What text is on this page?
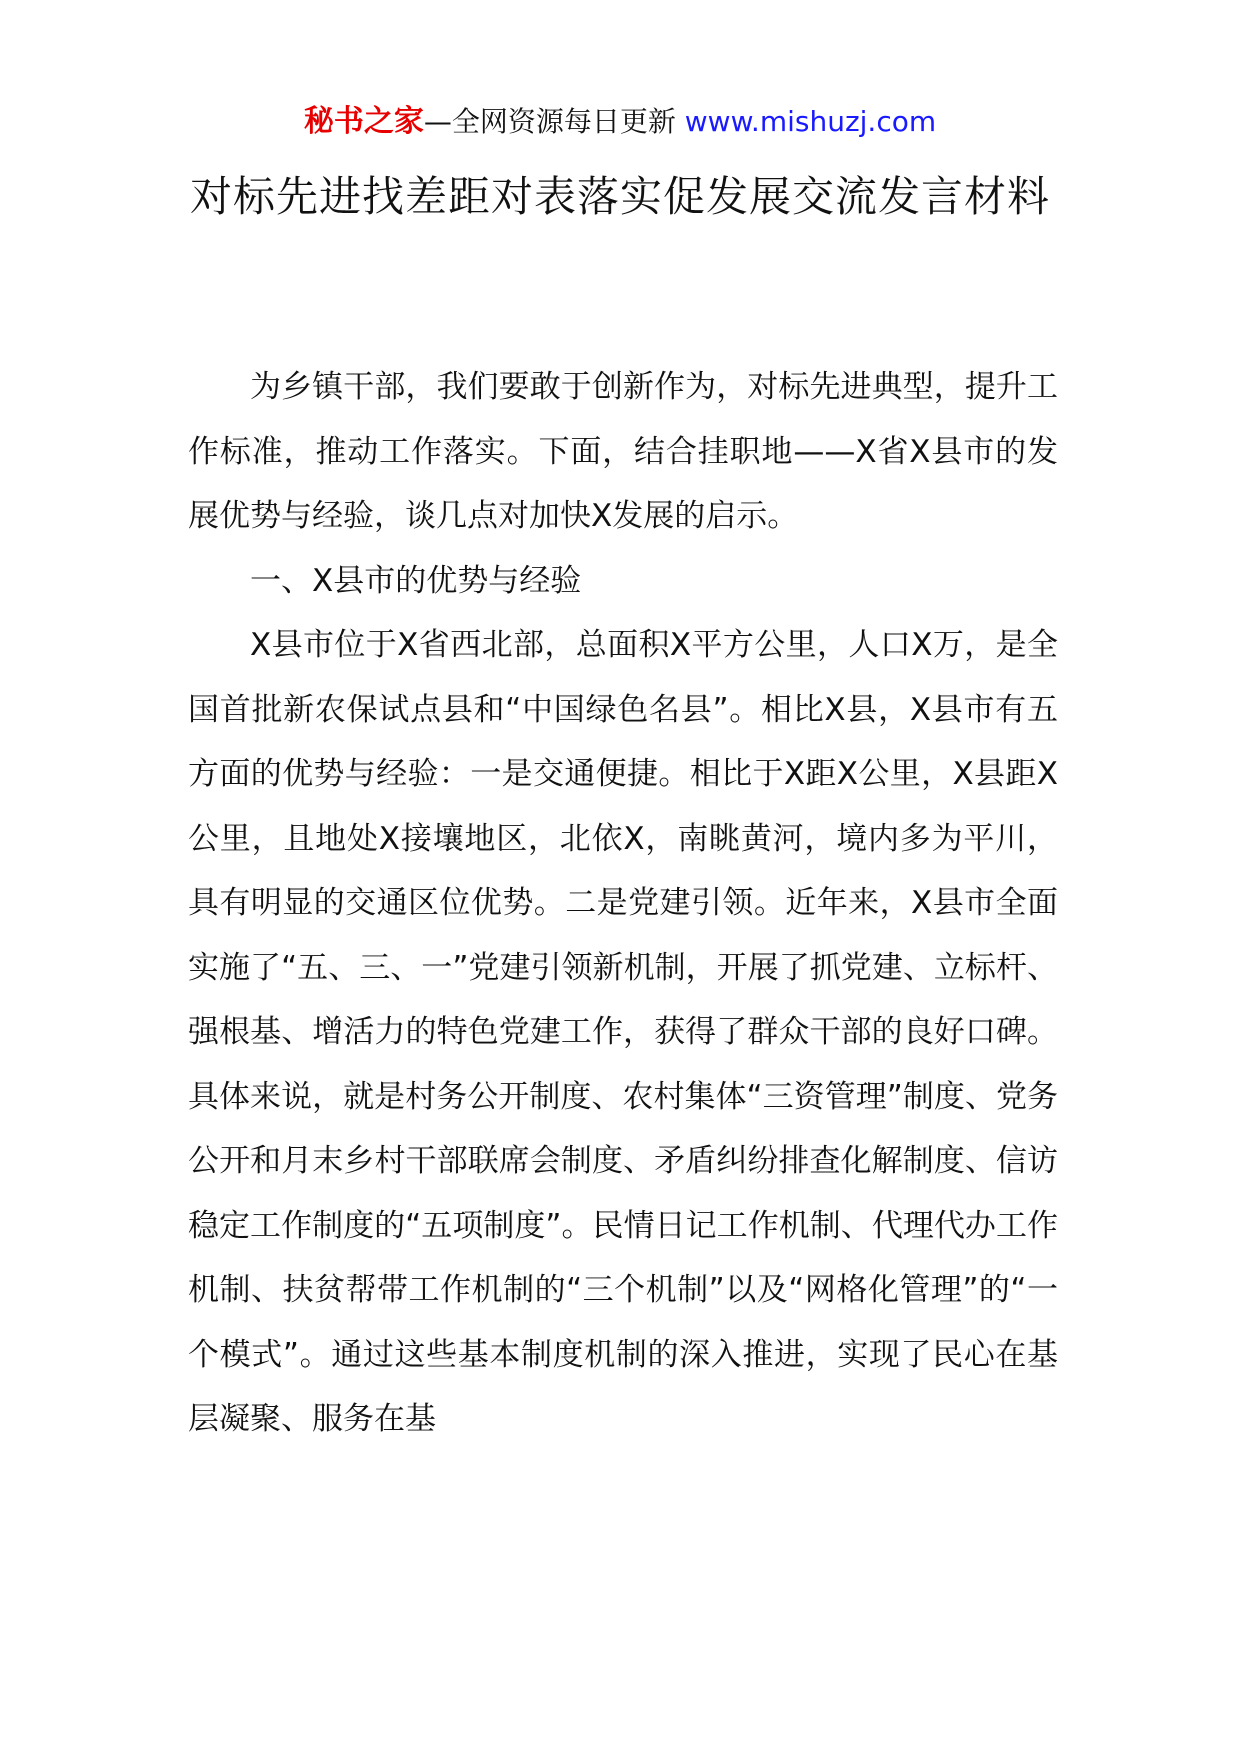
秘书之家—全网资源每日更新 www.mishuzj.com
对标先进找差距对表落实促发展交流发言材料

为乡镇干部，我们要敢于创新作为，对标先进典型，提升工作标准，推动工作落实。下面，结合挂职地——X省X县市的发展优势与经验，谈几点对加快X发展的启示。

一、X县市的优势与经验

X县市位于X省西北部，总面积X平方公里，人口X万，是全国首批新农保试点县和“中国绿色名县”。相比X县，X县市有五方面的优势与经验：一是交通便捷。相比于X距X公里，X县距X公里，且地处X接壤地区，北依X，南眺黄河，境内多为平川，具有明显的交通区位优势。二是党建引领。近年来，X县市全面实施了“五、三、一”党建引领新机制，开展了抓党建、立标杆、强根基、增活力的特色党建工作，获得了群众干部的良好口碑。具体来说，就是村务公开制度、农村集体“三资管理”制度、党务公开和月末乡村干部联席会制度、矛盾纠纷排查化解制度、信访稳定工作制度的“五项制度”。民情日记工作机制、代理代办工作机制、扶贫帮带工作机制的“三个机制”以及“网格化管理”的“一个模式”。通过这些基本制度机制的深入推进，实现了民心在基层凝聚、服务在基
